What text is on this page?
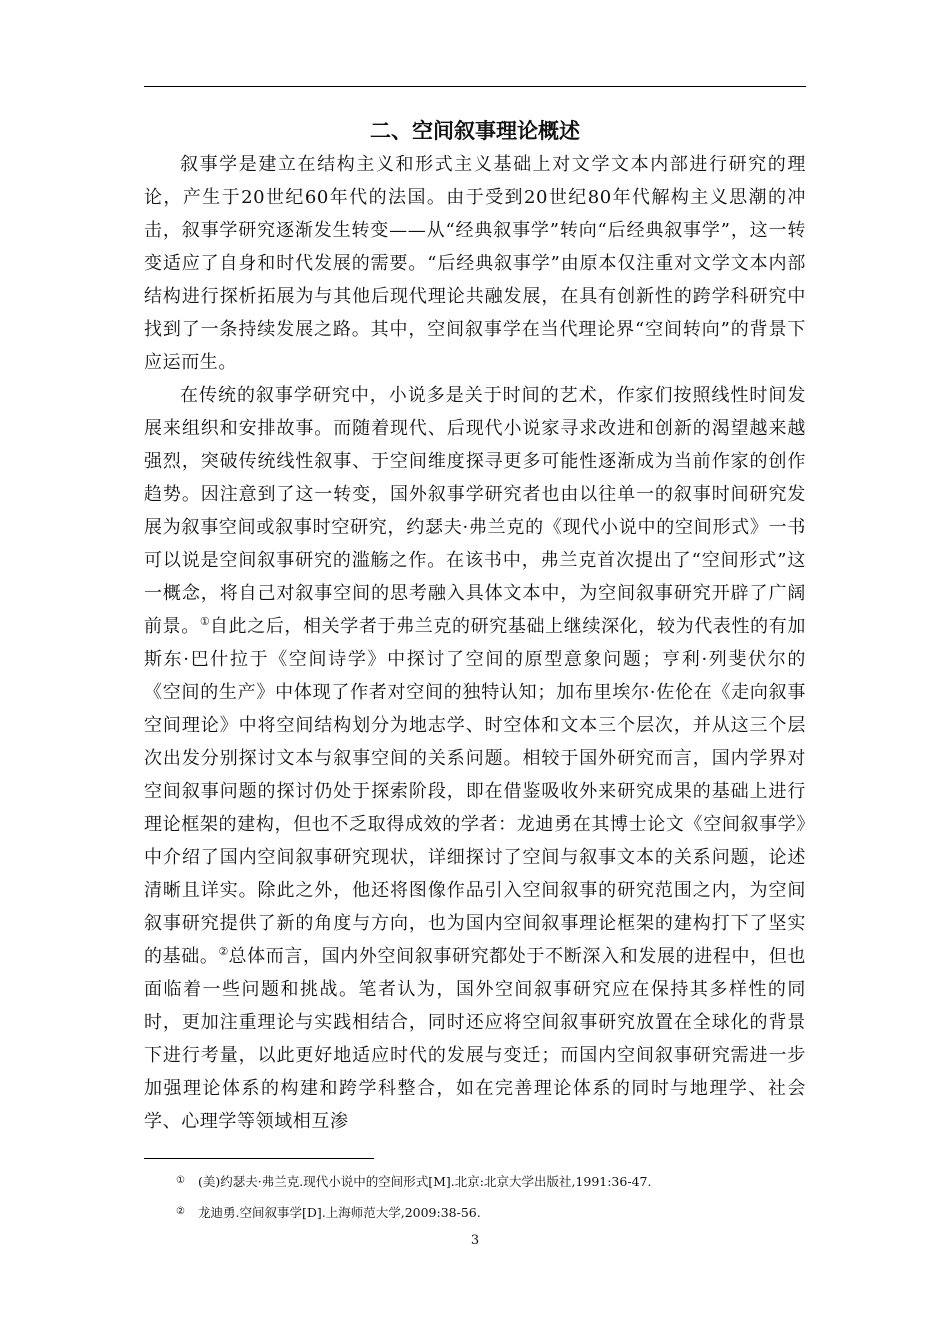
二、空间叙事理论概述

叙事学是建立在结构主义和形式主义基础上对文学文本内部进行研究的理论，产生于20世纪60年代的法国。由于受到20世纪80年代解构主义思潮的冲击，叙事学研究逐渐发生转变——从“经典叙事学”转向“后经典叙事学”，这一转变适应了自身和时代发展的需要。“后经典叙事学”由原本仅注重对文学文本内部结构进行探析拓展为与其他后现代理论共融发展，在具有创新性的跨学科研究中找到了一条持续发展之路。其中，空间叙事学在当代理论界“空间转向”的背景下应运而生。

在传统的叙事学研究中，小说多是关于时间的艺术，作家们按照线性时间发展来组织和安排故事。而随着现代、后现代小说家寻求改进和创新的渴望越来越强烈，突破传统线性叙事、于空间维度探寻更多可能性逐渐成为当前作家的创作趋势。因注意到了这一转变，国外叙事学研究者也由以往单一的叙事时间研究发展为叙事空间或叙事时空研究，约瑟夫·弗兰克的《现代小说中的空间形式》一书可以说是空间叙事研究的滥觞之作。在该书中，弗兰克首次提出了“空间形式”这一概念，将自己对叙事空间的思考融入具体文本中，为空间叙事研究开辟了广阔前景。①自此之后，相关学者于弗兰克的研究基础上继续深化，较为代表性的有加斯东·巴什拉于《空间诗学》中探讨了空间的原型意象问题；亨利·列斐伏尔的《空间的生产》中体现了作者对空间的独特认知；加布里埃尔·佐伦在《走向叙事空间理论》中将空间结构划分为地志学、时空体和文本三个层次，并从这三个层次出发分别探讨文本与叙事空间的关系问题。相较于国外研究而言，国内学界对空间叙事问题的探讨仍处于探索阶段，即在借鉴吸收外来研究成果的基础上进行理论框架的建构，但也不乏取得成效的学者：龙迪勇在其博士论文《空间叙事学》中介绍了国内空间叙事研究现状，详细探讨了空间与叙事文本的关系问题，论述清晰且详实。除此之外，他还将图像作品引入空间叙事的研究范围之内，为空间叙事研究提供了新的角度与方向，也为国内空间叙事理论框架的建构打下了坚实的基础。②总体而言，国内外空间叙事研究都处于不断深入和发展的进程中，但也面临着一些问题和挑战。笔者认为，国外空间叙事研究应在保持其多样性的同时，更加注重理论与实践相结合，同时还应将空间叙事研究放置在全球化的背景下进行考量，以此更好地适应时代的发展与变迁；而国内空间叙事研究需进一步加强理论体系的构建和跨学科整合，如在完善理论体系的同时与地理学、社会学、心理学等领域相互渗

① (美)约瑟夫·弗兰克.现代小说中的空间形式[M].北京:北京大学出版社,1991:36-47.

② 龙迪勇.空间叙事学[D].上海师范大学,2009:38-56.

3
